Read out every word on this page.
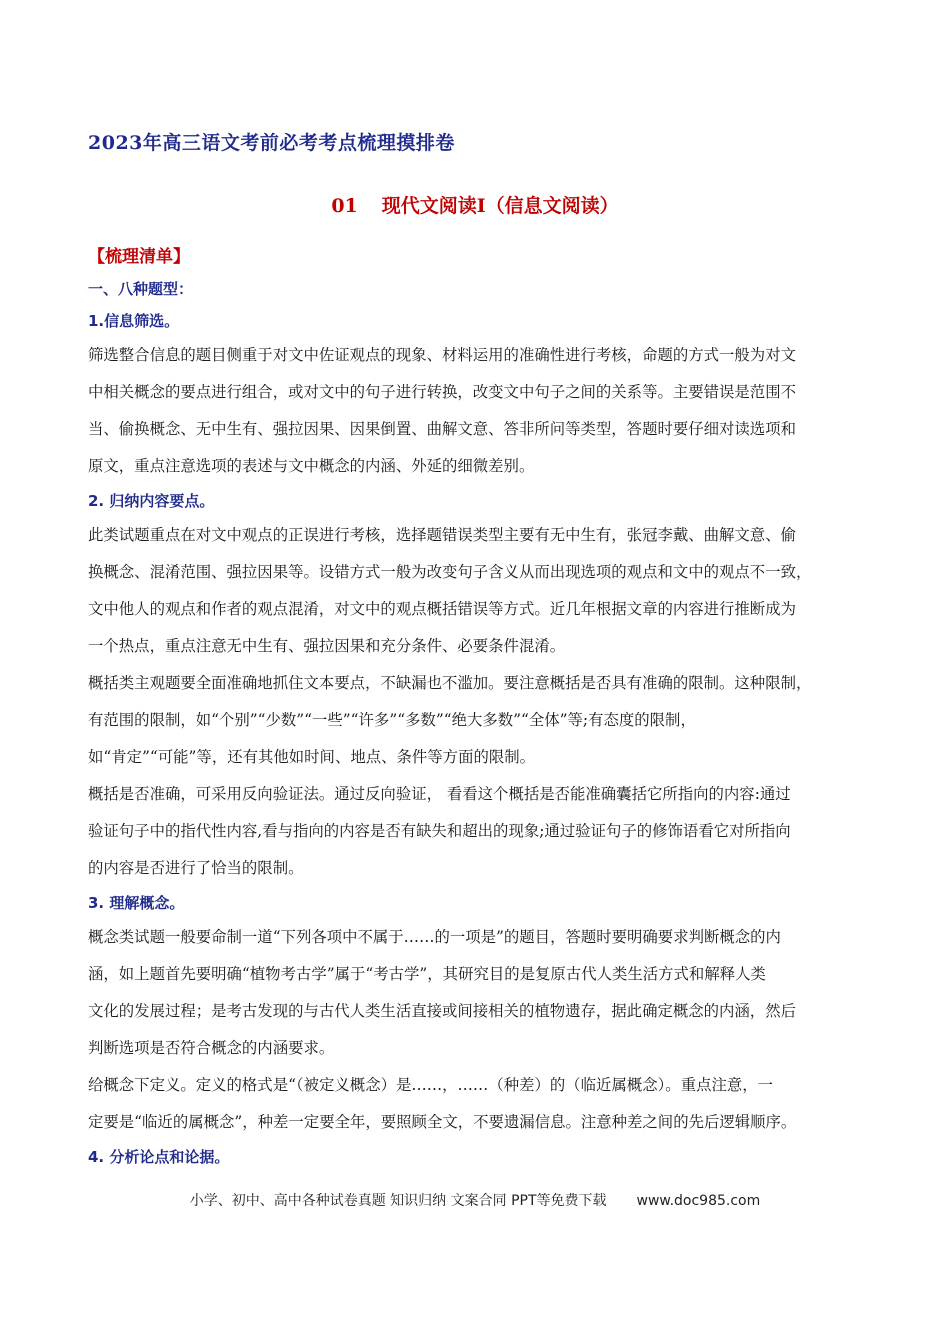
2023年高三语文考前必考考点梳理摸排卷
01 现代文阅读Ⅰ（信息文阅读）
【梳理清单】
一、八种题型：
1.信息筛选。

筛选整合信息的题目侧重于对文中佐证观点的现象、材料运用的准确性进行考核，命题的方式一般为对文
中相关概念的要点进行组合，或对文中的句子进行转换，改变文中句子之间的关系等。主要错误是范围不
当、偷换概念、无中生有、强拉因果、因果倒置、曲解文意、答非所问等类型，答题时要仔细对读选项和
原文，重点注意选项的表述与文中概念的内涵、外延的细微差别。

2. 归纳内容要点。

此类试题重点在对文中观点的正误进行考核，选择题错误类型主要有无中生有，张冠李戴、曲解文意、偷
换概念、混淆范围、强拉因果等。设错方式一般为改变句子含义从而出现选项的观点和文中的观点不一致，
文中他人的观点和作者的观点混淆，对文中的观点概括错误等方式。近几年根据文章的内容进行推断成为
一个热点，重点注意无中生有、强拉因果和充分条件、必要条件混淆。

概括类主观题要全面准确地抓住文本要点，不缺漏也不滥加。要注意概括是否具有准确的限制。这种限制，
有范围的限制，如“个别”“少数”“一些”“许多”“多数”“绝大多数”“全体”等;有态度的限制，
如“肯定”“可能”等，还有其他如时间、地点、条件等方面的限制。

概括是否准确，可采用反向验证法。通过反向验证， 看看这个概括是否能准确囊括它所指向的内容:通过
验证句子中的指代性内容,看与指向的内容是否有缺失和超出的现象;通过验证句子的修饰语看它对所指向
的内容是否进行了恰当的限制。

3. 理解概念。

概念类试题一般要命制一道“下列各项中不属于……的一项是”的题目，答题时要明确要求判断概念的内
涵，如上题首先要明确“植物考古学”属于“考古学”，其研究目的是复原古代人类生活方式和解释人类
文化的发展过程；是考古发现的与古代人类生活直接或间接相关的植物遗存，据此确定概念的内涵，然后
判断选项是否符合概念的内涵要求。

给概念下定义。定义的格式是“（被定义概念）是……，……（种差）的（临近属概念）。重点注意，一
定要是“临近的属概念”，种差一定要全年，要照顾全文，不要遗漏信息。注意种差之间的先后逻辑顺序。

4. 分析论点和论据。
小学、初中、高中各种试卷真题 知识归纳 文案合同 PPT等免费下载 www.doc985.com
